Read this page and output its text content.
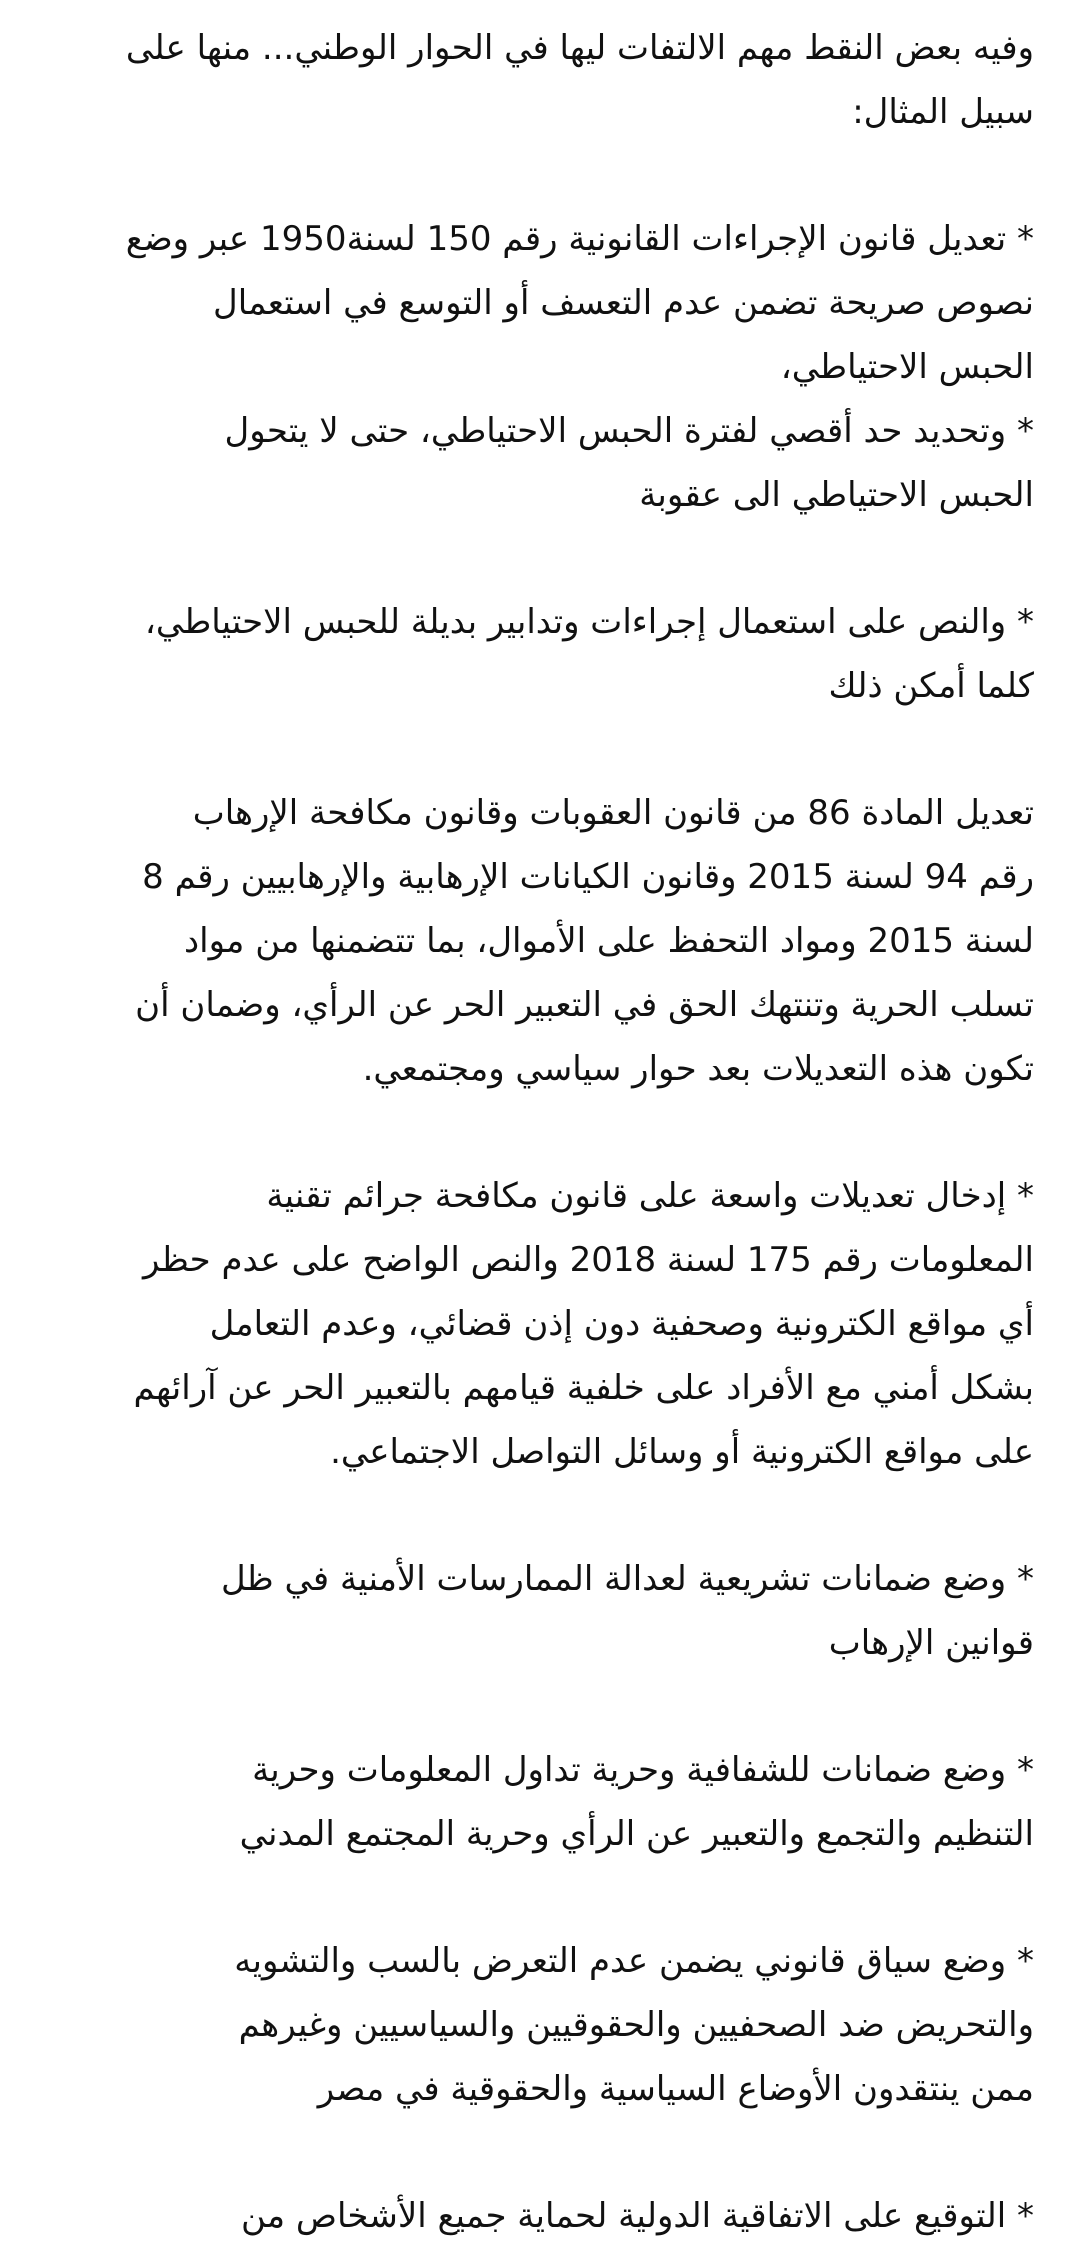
وفيه بعض النقط مهم الالتفات ليها في الحوار الوطني... منها على
سبيل المثال:

* تعديل قانون الإجراءات القانونية رقم 150 لسنة1950 عبر وضع
نصوص صريحة تضمن عدم التعسف أو التوسع في استعمال
الحبس الاحتياطي،
* وتحديد حد أقصي لفترة الحبس الاحتياطي، حتى لا يتحول
الحبس الاحتياطي الى عقوبة

* والنص على استعمال إجراءات وتدابير بديلة للحبس الاحتياطي،
كلما أمكن ذلك

تعديل المادة 86 من قانون العقوبات وقانون مكافحة الإرهاب
رقم 94 لسنة 2015 وقانون الكيانات الإرهابية والإرهابيين رقم 8
لسنة 2015 ومواد التحفظ على الأموال، بما تتضمنها من مواد
تسلب الحرية وتنتهك الحق في التعبير الحر عن الرأي، وضمان أن
تكون هذه التعديلات بعد حوار سياسي ومجتمعي.

* إدخال تعديلات واسعة على قانون مكافحة جرائم تقنية
المعلومات رقم 175 لسنة 2018 والنص الواضح على عدم حظر
أي مواقع الكترونية وصحفية دون إذن قضائي، وعدم التعامل
بشكل أمني مع الأفراد على خلفية قيامهم بالتعبير الحر عن آرائهم
على مواقع الكترونية أو وسائل التواصل الاجتماعي.

* وضع ضمانات تشريعية لعدالة الممارسات الأمنية في ظل
قوانين الإرهاب

* وضع ضمانات للشفافية وحرية تداول المعلومات وحرية
التنظيم والتجمع والتعبير عن الرأي وحرية المجتمع المدني

* وضع سياق قانوني يضمن عدم التعرض بالسب والتشويه
والتحريض ضد الصحفيين والحقوقيين والسياسيين وغيرهم
ممن ينتقدون الأوضاع السياسية والحقوقية في مصر

* التوقيع على الاتفاقية الدولية لحماية جميع الأشخاص من
